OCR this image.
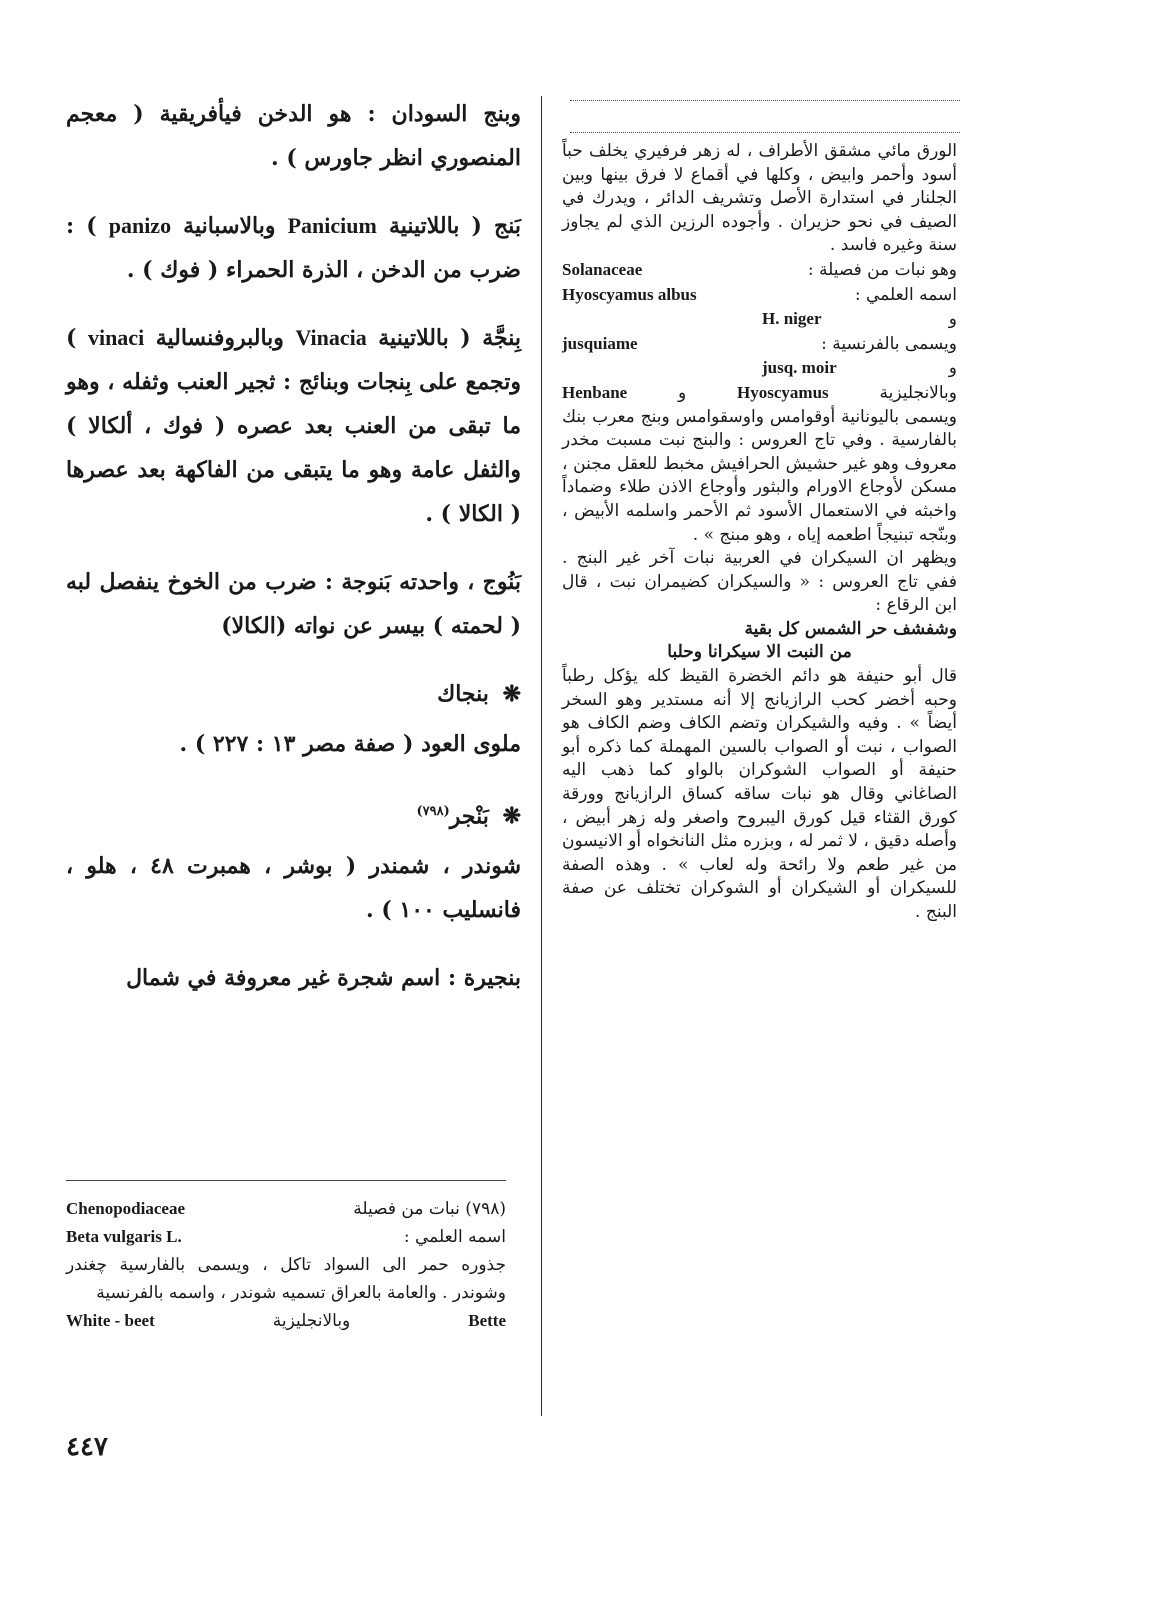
وبنج السودان : هو الدخن فيأفريقية ( معجم المنصوري انظر جاورس ) .

بَنج ( باللاتينية Panicium وبالاسبانية panizo ) : ضرب من الدخن ، الذرة الحمراء ( فوك ) .

بِنجَّة ( باللاتينية Vinacia وبالبروفنسالية vinaci ) وتجمع على بِنجات وبنائج : ثجير العنب وثفله ، وهو ما تبقى من العنب بعد عصره ( فوك ، ألكالا ) والثفل عامة وهو ما يتبقى من الفاكهة بعد عصرها ( الكالا ) .

بَنُوج ، واحدته بَنوجة : ضرب من الخوخ ينفصل لبه ( لحمته ) بيسر عن نواته (الكالا)

❋ بنجاك

ملوى العود ( صفة مصر ١٣ : ٢٢٧ ) .

❋ بَنْجر$^{(٧٩٨)}$

شوندر ، شمندر ( بوشر ، همبرت ٤٨ ، هلو ، فانسليب ١٠٠ ) .

بنجيرة : اسم شجرة غير معروفة في شمال

(٧٩٨) نبات من فصيلة
Chenopodiaceae
اسمه العلمي :
Beta vulgaris L.

جذوره حمر الى السواد تاكل ، ويسمى بالفارسية چغندر وشوندر . والعامة بالعراق تسميه شوندر ، واسمه بالفرنسية

Bette
وبالانجليزية
White - beet

الورق مائي مشقق الأطراف ، له زهر فرفيري يخلف حباً أسود وأحمر وابيض ، وكلها في أقماع لا فرق بينها وبين الجلنار في استدارة الأصل وتشريف الدائر ، ويدرك في الصيف في نحو حزيران . وأجوده الرزين الذي لم يجاوز سنة وغيره فاسد .

وهو نبات من فصيلة :
Solanaceae
اسمه العلمي :
Hyoscyamus albus
و
H. niger
ويسمى بالفرنسية :
jusquiame
و
jusq. moir
وبالانجليزية
Hyoscyamus
و
Henbane

ويسمى باليونانية أوقوامس واوسقوامس وبنج معرب بنك بالفارسية . وفي تاج العروس : والبنج نبت مسبت مخدر معروف وهو غير حشيش الحرافيش مخبط للعقل مجنن ، مسكن لأوجاع الاورام والبثور وأوجاع الاذن طلاء وضماداً واخبثه في الاستعمال الأسود ثم الأحمر واسلمه الأبيض ، وبنّجه تبنيجاً اطعمه إياه ، وهو مبنج » .

ويظهر ان السيكران في العربية نبات آخر غير البنج . ففي تاج العروس : « والسيكران كضيمران نبت ، قال ابن الرقاع :

وشفشف حر الشمس كل بقية

من النبت الا سيكرانا وحلبا

قال أبو حنيفة هو دائم الخضرة القيظ كله يؤكل رطباً وحبه أخضر كحب الرازيانج إلا أنه مستدير وهو السخر أيضاً » . وفيه والشيكران وتضم الكاف وضم الكاف هو الصواب ، نبت أو الصواب بالسين المهملة كما ذكره أبو حنيفة أو الصواب الشوكران بالواو كما ذهب اليه الصاغاني وقال هو نبات ساقه كساق الرازيانج وورقة كورق القثاء قيل كورق اليبروح واصغر وله زهر أبيض ، وأصله دقيق ، لا ثمر له ، وبزره مثل النانخواه أو الانيسون من غير طعم ولا رائحة وله لعاب » . وهذه الصفة للسيكران أو الشيكران أو الشوكران تختلف عن صفة البنج .

٤٤٧
